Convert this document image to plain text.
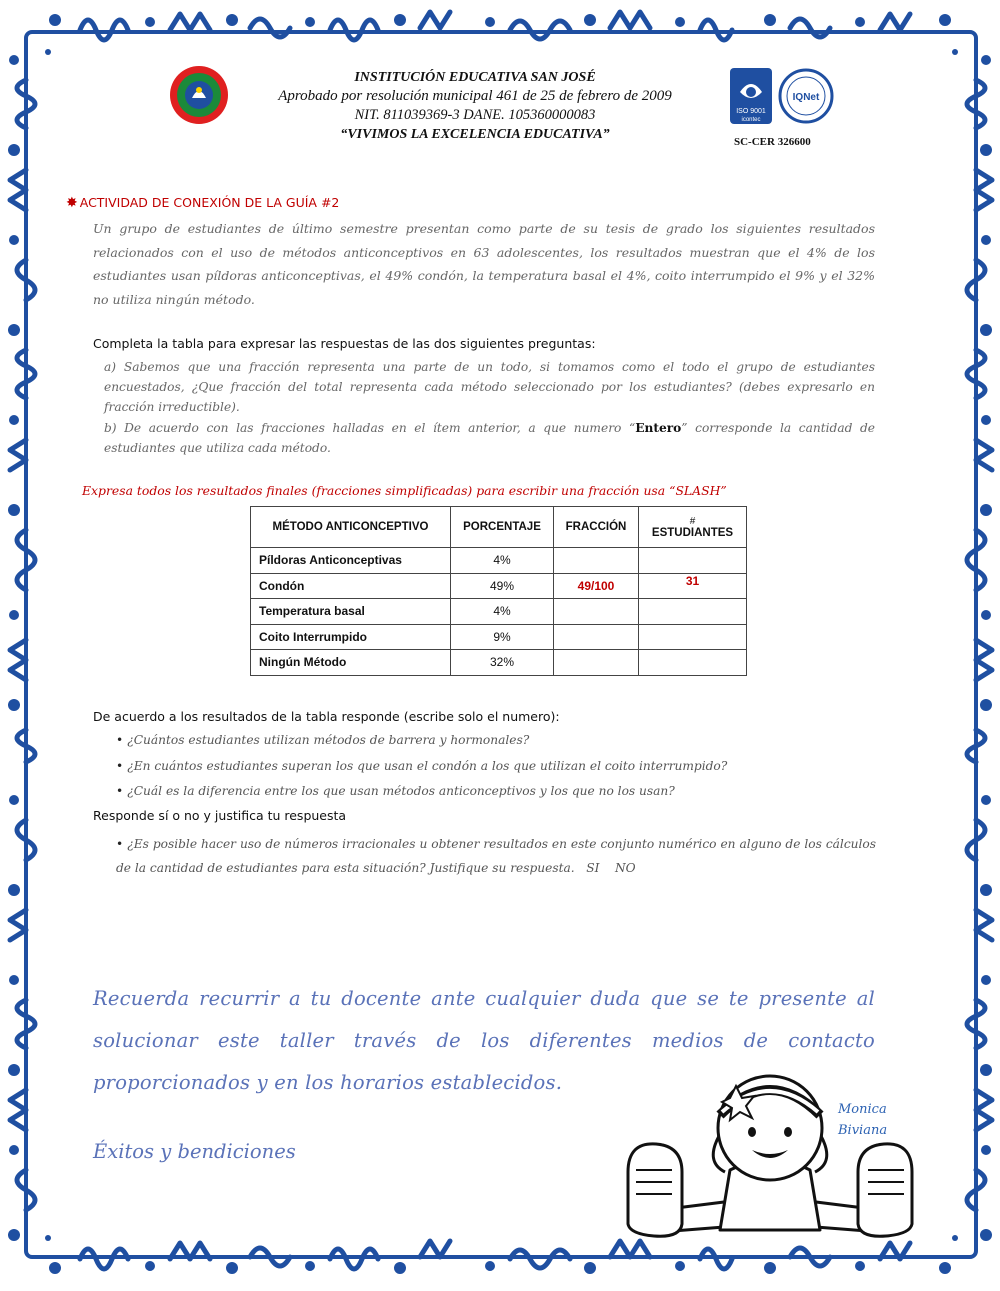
INSTITUCIÓN EDUCATIVA SAN JOSÉ
Aprobado por resolución municipal 461 de 25 de febrero de 2009
NIT. 811039369-3 DANE. 105360000083
“VIVIMOS LA EXCELENCIA EDUCATIVA”
ISO 9001
icontec
IQNet
SC-CER 326600
✸ ACTIVIDAD DE CONEXIÓN DE LA GUÍA #2
Un grupo de estudiantes de último semestre presentan como parte de su tesis de grado los siguientes resultados relacionados con el uso de métodos anticonceptivos en 63 adolescentes, los resultados muestran que el 4% de los estudiantes usan píldoras anticonceptivas, el 49% condón, la temperatura basal el 4%, coito interrumpido el 9% y el 32% no utiliza ningún método.
Completa la tabla para expresar las respuestas de las dos siguientes preguntas:
a) Sabemos que una fracción representa una parte de un todo, si tomamos como el todo el grupo de estudiantes encuestados, ¿Que fracción del total representa cada método seleccionado por los estudiantes? (debes expresarlo en fracción irreductible).
b) De acuerdo con las fracciones halladas en el ítem anterior, a que numero “Entero” corresponde la cantidad de estudiantes que utiliza cada método.
Expresa todos los resultados finales (fracciones simplificadas) para escribir una fracción usa “SLASH”
MÉTODO ANTICONCEPTIVO	PORCENTAJE	FRACCIÓN	#
ESTUDIANTES
Píldoras Anticonceptivas	4%		
Condón	49%	49/100	31
Temperatura basal	4%		
Coito Interrumpido	9%		
Ningún Método	32%		
De acuerdo a los resultados de la tabla responde (escribe solo el numero):
• ¿Cuántos estudiantes utilizan métodos de barrera y hormonales?
• ¿En cuántos estudiantes superan los que usan el condón a los que utilizan el coito interrumpido?
• ¿Cuál es la diferencia entre los que usan métodos anticonceptivos y los que no los usan?
Responde sí o no y justifica tu respuesta
• ¿Es posible hacer uso de números irracionales u obtener resultados en este conjunto numérico en alguno de los cálculos de la cantidad de estudiantes para esta situación? Justifique su respuesta. SI    NO
Recuerda recurrir a tu docente ante cualquier duda que se te presente al solucionar este taller través de los diferentes medios de contacto proporcionados y en los horarios establecidos.
Éxitos y bendiciones
Monica
Biviana
